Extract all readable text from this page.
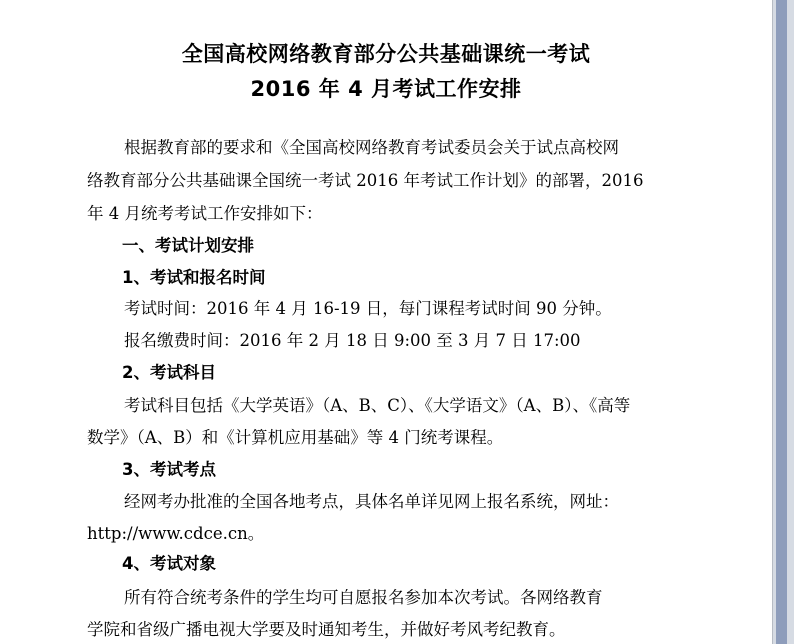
全国高校网络教育部分公共基础课统一考试
2016 年 4 月考试工作安排
根据教育部的要求和《全国高校网络教育考试委员会关于试点高校网
络教育部分公共基础课全国统一考试 2016 年考试工作计划》的部署，2016
年 4 月统考考试工作安排如下：
一、考试计划安排
1、考试和报名时间
考试时间：2016 年 4 月 16-19 日，每门课程考试时间 90 分钟。
报名缴费时间：2016 年 2 月 18 日 9:00 至 3 月 7 日 17:00
2、考试科目
考试科目包括《大学英语》（A、B、C）、《大学语文》（A、B）、《高等
数学》（A、B）和《计算机应用基础》等 4 门统考课程。
3、考试考点
经网考办批准的全国各地考点，具体名单详见网上报名系统，网址：
http://www.cdce.cn。
4、考试对象
所有符合统考条件的学生均可自愿报名参加本次考试。各网络教育
学院和省级广播电视大学要及时通知考生，并做好考风考纪教育。
